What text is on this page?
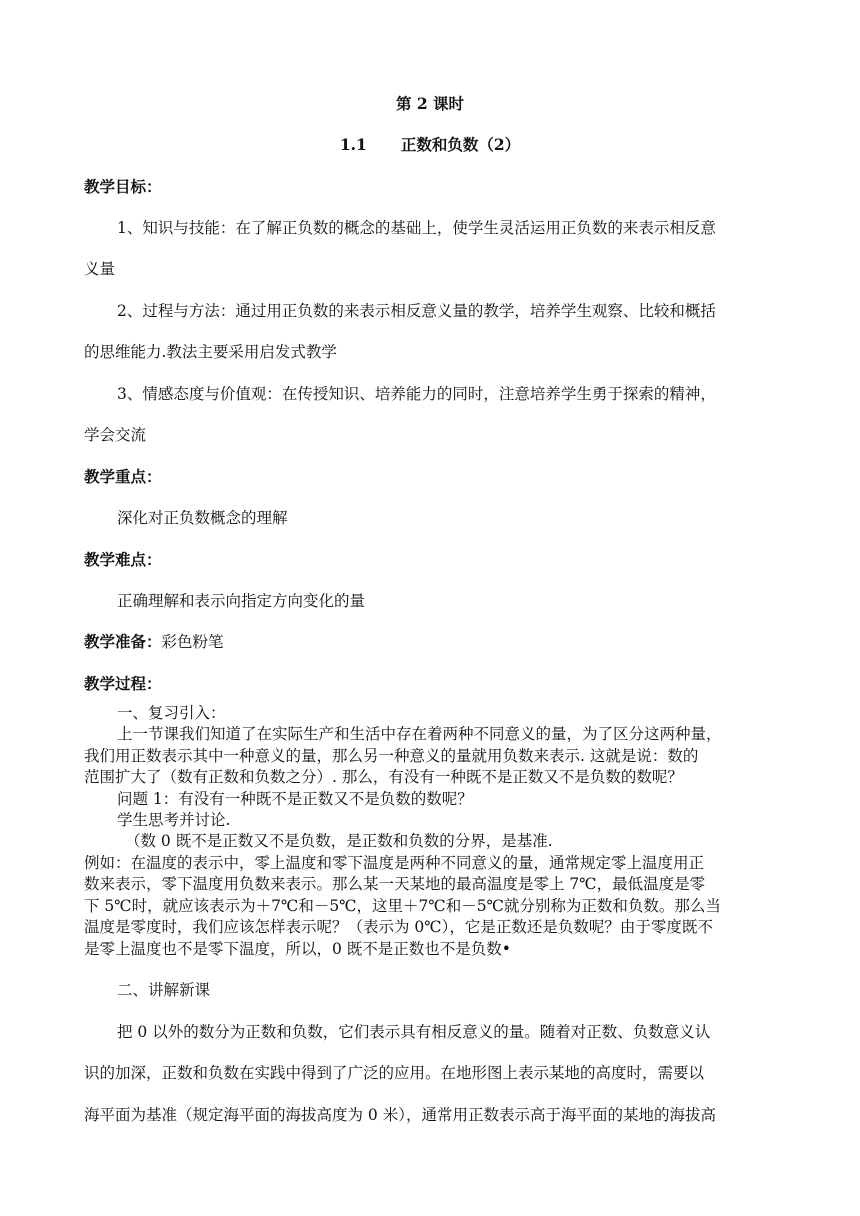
第 2 课时
1.1 正数和负数（2）
教学目标：
1、知识与技能：在了解正负数的概念的基础上，使学生灵活运用正负数的来表示相反意
义量
2、过程与方法：通过用正负数的来表示相反意义量的教学，培养学生观察、比较和概括
的思维能力.教法主要采用启发式教学
3、情感态度与价值观：在传授知识、培养能力的同时，注意培养学生勇于探索的精神，
学会交流
教学重点：
深化对正负数概念的理解
教学难点：
正确理解和表示向指定方向变化的量
教学准备：彩色粉笔
教学过程：
一、复习引入：
上一节课我们知道了在实际生产和生活中存在着两种不同意义的量，为了区分这两种量，
我们用正数表示其中一种意义的量，那么另一种意义的量就用负数来表示. 这就是说：数的
范围扩大了（数有正数和负数之分）. 那么，有没有一种既不是正数又不是负数的数呢？
问题 1：有没有一种既不是正数又不是负数的数呢？
学生思考并讨论.
（数 0 既不是正数又不是负数，是正数和负数的分界，是基准.
例如：在温度的表示中，零上温度和零下温度是两种不同意义的量，通常规定零上温度用正
数来表示，零下温度用负数来表示。那么某一天某地的最高温度是零上 7℃，最低温度是零
下 5℃时，就应该表示为＋7℃和－5℃，这里＋7℃和－5℃就分别称为正数和负数。那么当
温度是零度时，我们应该怎样表示呢？（表示为 0℃），它是正数还是负数呢？由于零度既不
是零上温度也不是零下温度，所以，0 既不是正数也不是负数•
二、讲解新课
把 0 以外的数分为正数和负数，它们表示具有相反意义的量。随着对正数、负数意义认
识的加深，正数和负数在实践中得到了广泛的应用。在地形图上表示某地的高度时，需要以
海平面为基准（规定海平面的海拔高度为 0 米），通常用正数表示高于海平面的某地的海拔高
